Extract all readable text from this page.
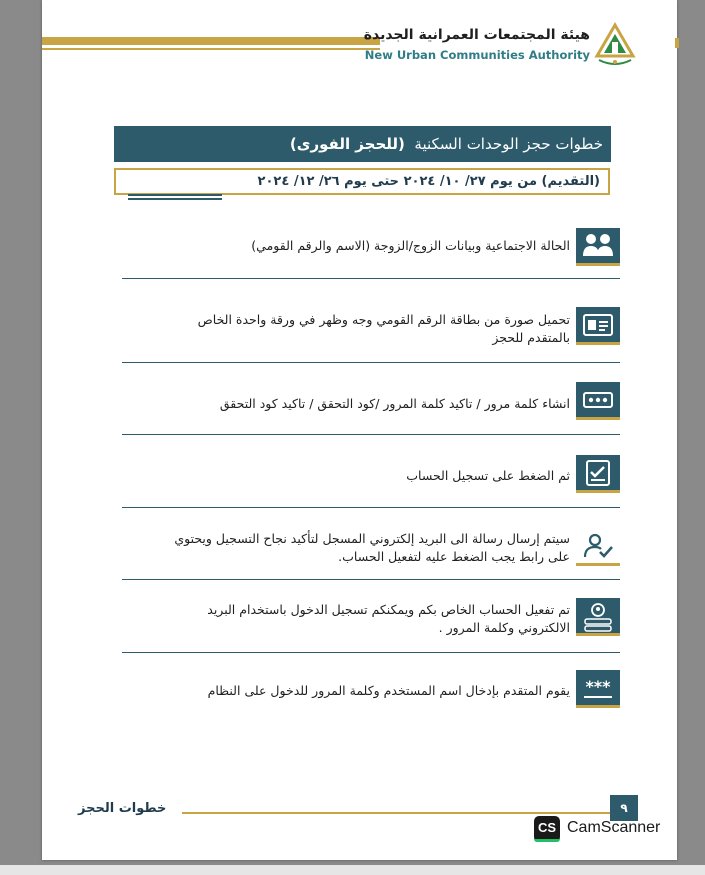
هيئة المجتمعات العمرانية الجديدة
New Urban Communities Authority
خطوات حجز الوحدات السكنية  (للحجز الفورى)
(التقديم) من يوم ٢٧/ ١٠/ ٢٠٢٤ حتى يوم ٢٦/ ١٢/ ٢٠٢٤
الحالة الاجتماعية وبيانات الزوج/الزوجة (الاسم والرقم القومي)
تحميل صورة من بطاقة الرقم القومي وجه وظهر في ورقة واحدة الخاص
بالمتقدم للحجز
انشاء كلمة مرور / تاكيد كلمة المرور /كود التحقق / تاكيد كود التحقق
ثم الضغط على تسجيل الحساب
سيتم إرسال رسالة الى البريد إلكتروني المسجل لتأكيد نجاح التسجيل ويحتوي
على رابط يجب الضغط عليه لتفعيل الحساب.
تم تفعيل الحساب الخاص بكم ويمكنكم تسجيل الدخول باستخدام البريد
الالكتروني وكلمة المرور .
***
يقوم المتقدم بإدخال اسم المستخدم وكلمة المرور للدخول على النظام
خطوات الحجز	٩
CS CamScanner
